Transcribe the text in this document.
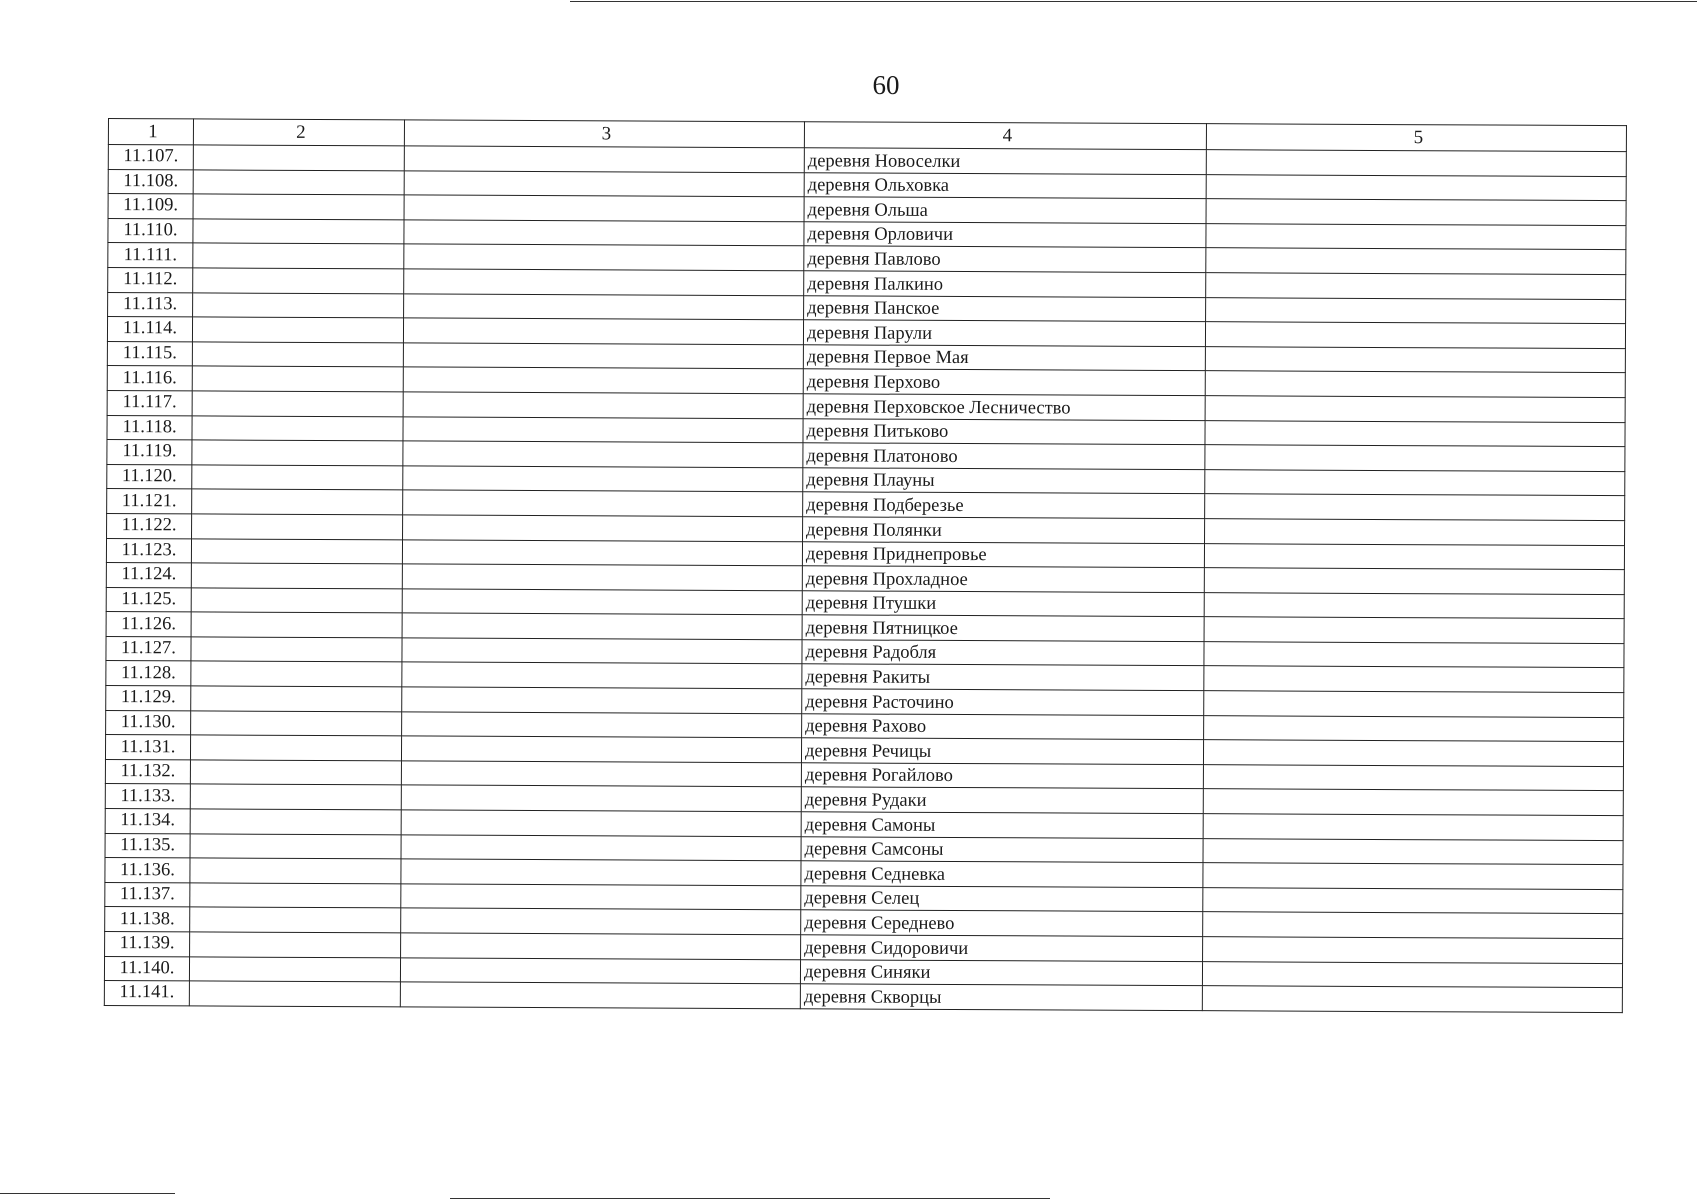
60
1	2	3	4	5
11.107.			деревня Новоселки	
11.108.			деревня Ольховка	
11.109.			деревня Ольша	
11.110.			деревня Орловичи	
11.111.			деревня Павлово	
11.112.			деревня Палкино	
11.113.			деревня Панское	
11.114.			деревня Парули	
11.115.			деревня Первое Мая	
11.116.			деревня Перхово	
11.117.			деревня Перховское Лесничество	
11.118.			деревня Питьково	
11.119.			деревня Платоново	
11.120.			деревня Плауны	
11.121.			деревня Подберезье	
11.122.			деревня Полянки	
11.123.			деревня Приднепровье	
11.124.			деревня Прохладное	
11.125.			деревня Птушки	
11.126.			деревня Пятницкое	
11.127.			деревня Радобля	
11.128.			деревня Ракиты	
11.129.			деревня Расточино	
11.130.			деревня Рахово	
11.131.			деревня Речицы	
11.132.			деревня Рогайлово	
11.133.			деревня Рудаки	
11.134.			деревня Самоны	
11.135.			деревня Самсоны	
11.136.			деревня Седневка	
11.137.			деревня Селец	
11.138.			деревня Середнево	
11.139.			деревня Сидоровичи	
11.140.			деревня Синяки	
11.141.			деревня Скворцы	
